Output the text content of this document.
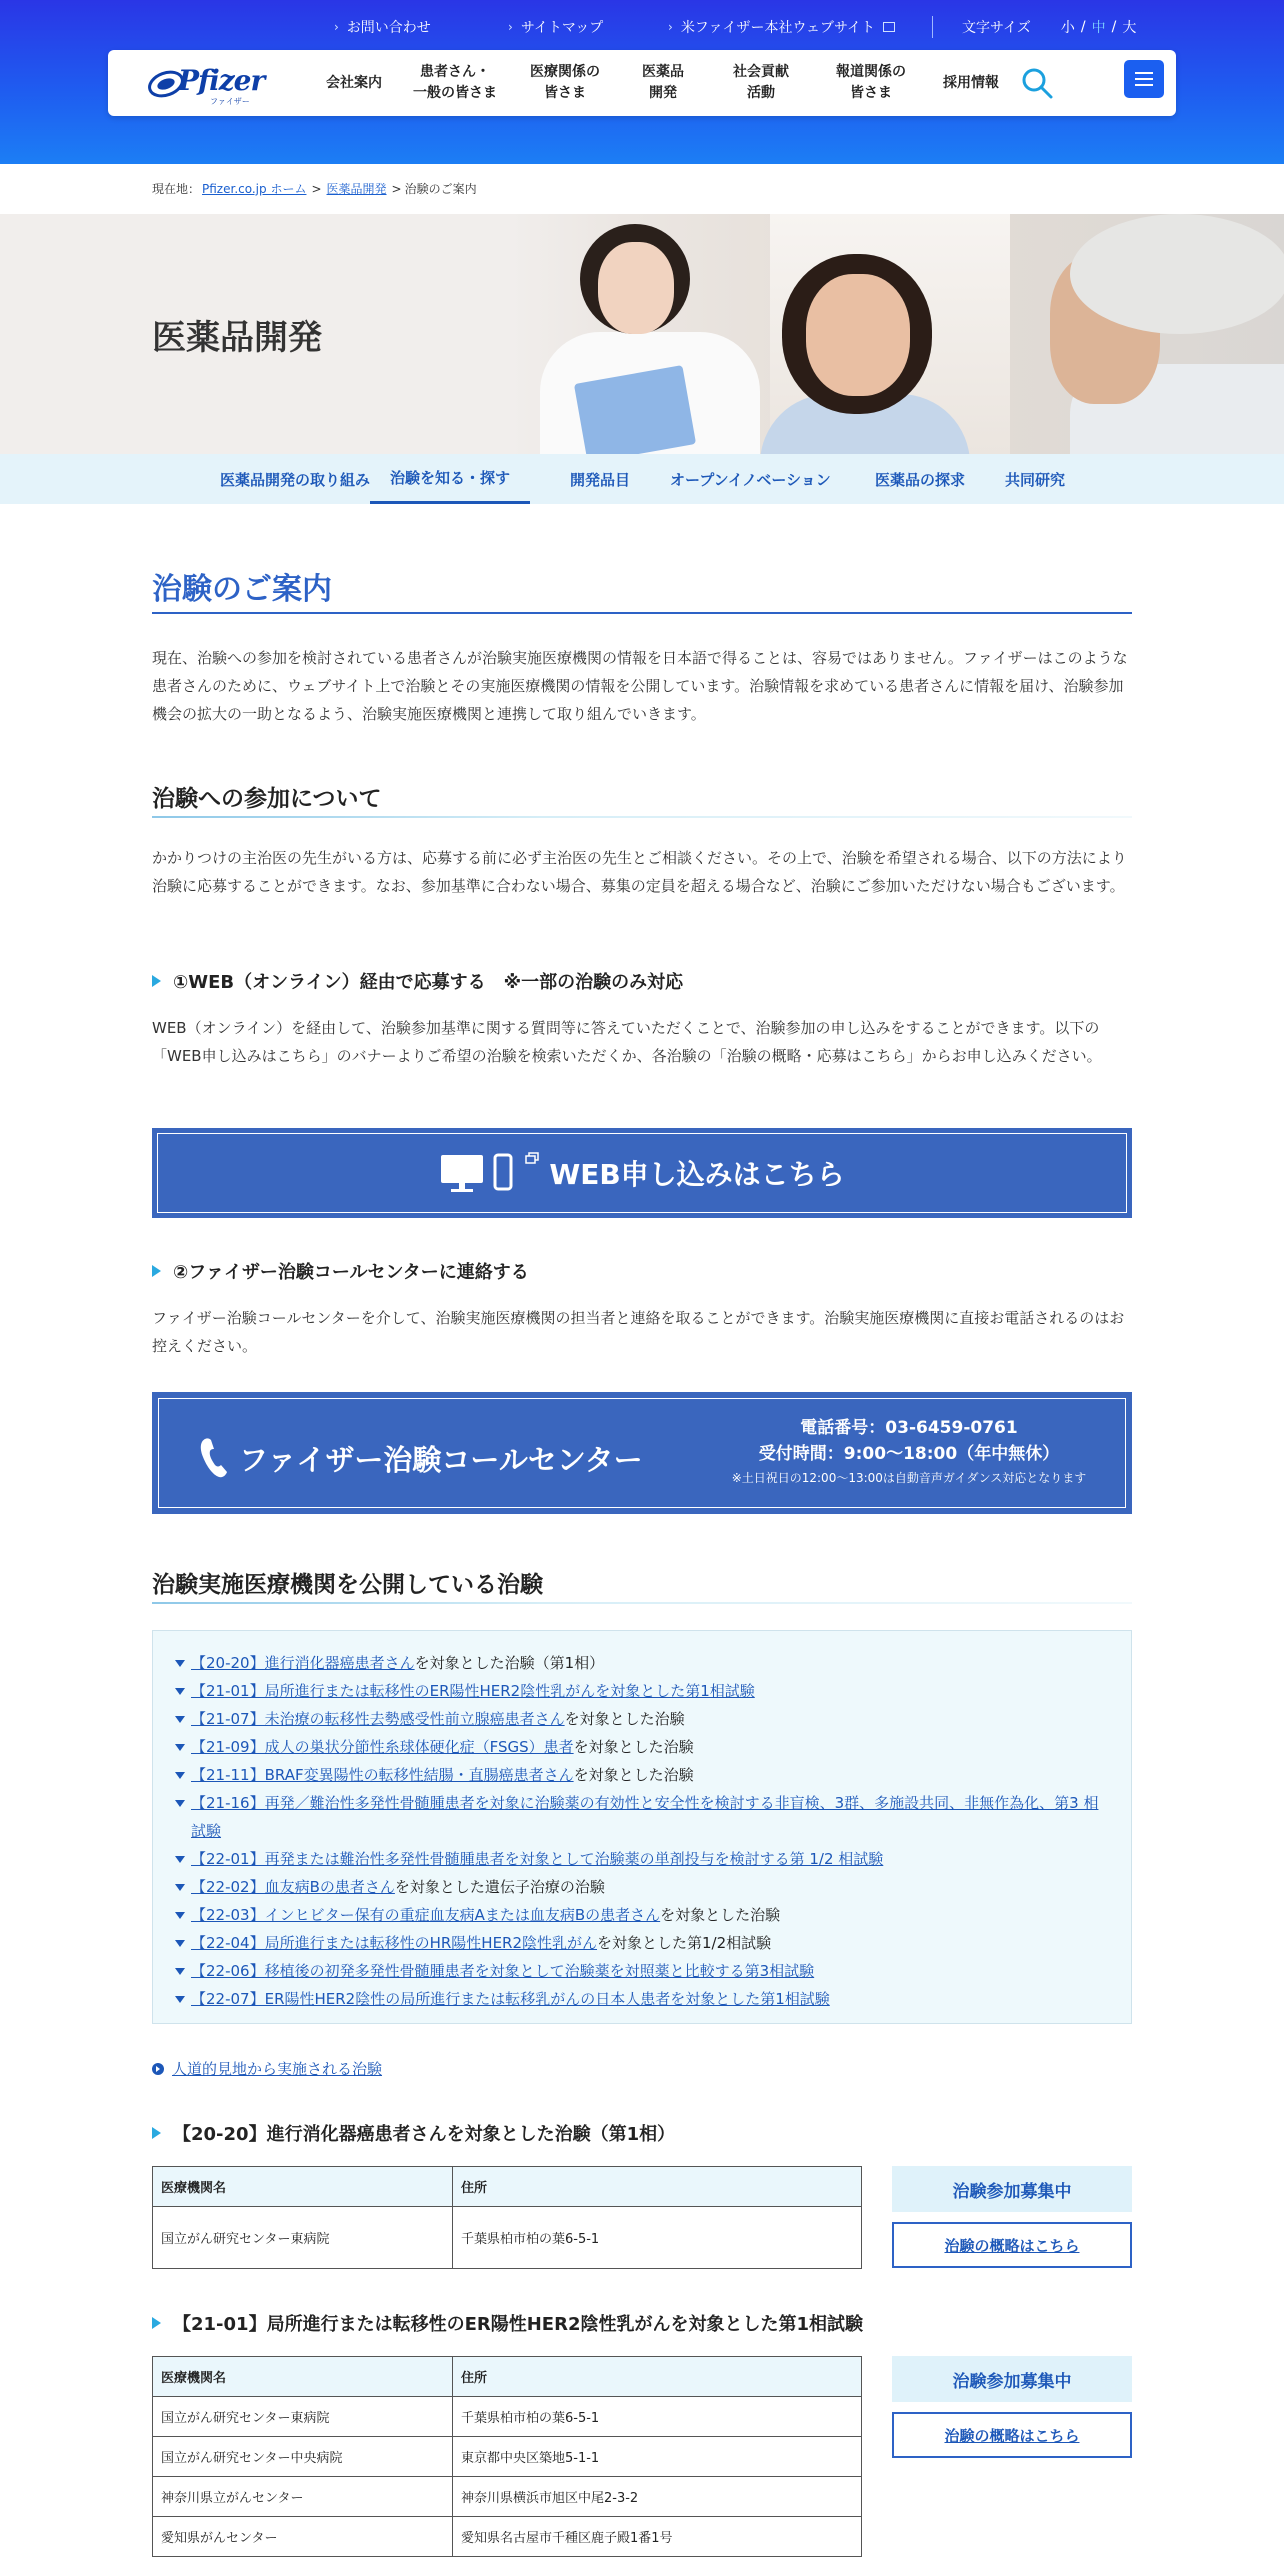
› お問い合わせ	› サイトマップ	› 米ファイザー本社ウェブサイト	文字サイズ 小 / 中 / 大
Pfizer
ファイザー
会社案内
患者さん・
一般の皆さま
医療関係の
皆さま
医薬品
開発
社会貢献
活動
報道関係の
皆さま
採用情報
現在地： Pfizer.co.jp ホーム > 医薬品開発 > 治験のご案内
医薬品開発
医薬品開発の取り組み	治験を知る・探す	開発品目	オープンイノベーション	医薬品の探求	共同研究
治験のご案内
現在、治験への参加を検討されている患者さんが治験実施医療機関の情報を日本語で得ることは、容易ではありません。ファイザーはこのような患者さんのために、ウェブサイト上で治験とその実施医療機関の情報を公開しています。治験情報を求めている患者さんに情報を届け、治験参加機会の拡大の一助となるよう、治験実施医療機関と連携して取り組んでいきます。
治験への参加について
かかりつけの主治医の先生がいる方は、応募する前に必ず主治医の先生とご相談ください。その上で、治験を希望される場合、以下の方法により治験に応募することができます。なお、参加基準に合わない場合、募集の定員を超える場合など、治験にご参加いただけない場合もございます。
①WEB（オンライン）経由で応募する　※一部の治験のみ対応
WEB（オンライン）を経由して、治験参加基準に関する質問等に答えていただくことで、治験参加の申し込みをすることができます。以下の「WEB申し込みはこちら」のバナーよりご希望の治験を検索いただくか、各治験の「治験の概略・応募はこちら」からお申し込みください。
WEB申し込みはこちら
②ファイザー治験コールセンターに連絡する
ファイザー治験コールセンターを介して、治験実施医療機関の担当者と連絡を取ることができます。治験実施医療機関に直接お電話されるのはお控えください。
ファイザー治験コールセンター
電話番号：03-6459-0761
受付時間：9:00～18:00（年中無休）
※土日祝日の12:00～13:00は自動音声ガイダンス対応となります
治験実施医療機関を公開している治験
【20-20】進行消化器癌患者さんを対象とした治験（第1相）
【21-01】局所進行または転移性のER陽性HER2陰性乳がんを対象とした第1相試験
【21-07】未治療の転移性去勢感受性前立腺癌患者さんを対象とした治験
【21-09】成人の巣状分節性糸球体硬化症（FSGS）患者を対象とした治験
【21-11】BRAF変異陽性の転移性結腸・直腸癌患者さんを対象とした治験
【21-16】再発／難治性多発性骨髄腫患者を対象に治験薬の有効性と安全性を検討する非盲検、3群、多施設共同、非無作為化、第3 相試験
【22-01】再発または難治性多発性骨髄腫患者を対象として治験薬の単剤投与を検討する第 1/2 相試験
【22-02】血友病Bの患者さんを対象とした遺伝子治療の治験
【22-03】インヒビター保有の重症血友病Aまたは血友病Bの患者さんを対象とした治験
【22-04】局所進行または転移性のHR陽性HER2陰性乳がんを対象とした第1/2相試験
【22-06】移植後の初発多発性骨髄腫患者を対象として治験薬を対照薬と比較する第3相試験
【22-07】ER陽性HER2陰性の局所進行または転移乳がんの日本人患者を対象とした第1相試験
人道的見地から実施される治験
【20-20】進行消化器癌患者さんを対象とした治験（第1相）
医療機関名	住所
国立がん研究センター東病院	千葉県柏市柏の葉6-5-1
治験参加募集中
治験の概略はこちら
【21-01】局所進行または転移性のER陽性HER2陰性乳がんを対象とした第1相試験
医療機関名	住所
国立がん研究センター東病院	千葉県柏市柏の葉6-5-1
国立がん研究センター中央病院	東京都中央区築地5-1-1
神奈川県立がんセンター	神奈川県横浜市旭区中尾2-3-2
愛知県がんセンター	愛知県名古屋市千種区鹿子殿1番1号
治験参加募集中
治験の概略はこちら
